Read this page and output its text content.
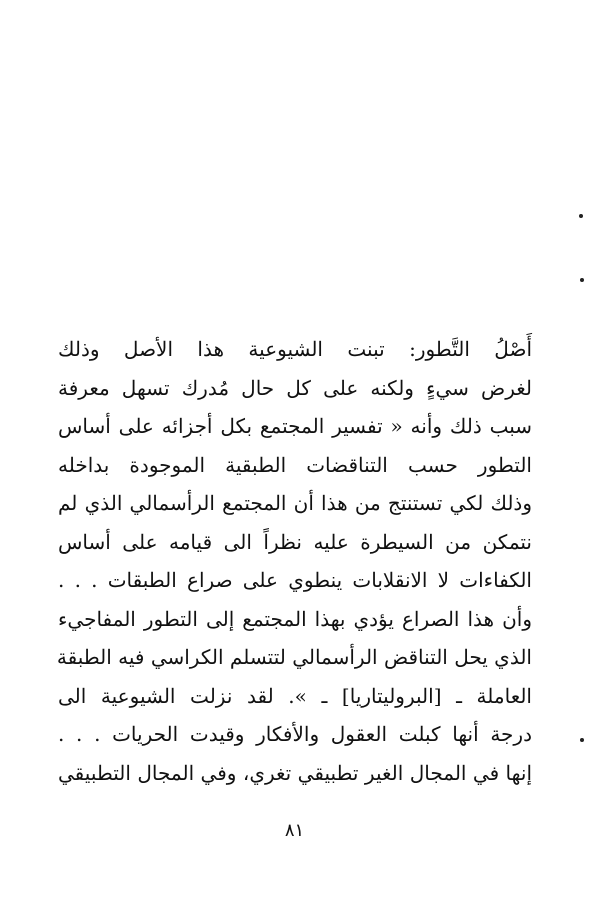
أَصْلُ التَّطور: تبنت الشيوعية هذا الأصل وذلك
لغرض سيءٍ ولكنه على كل حال مُدرك تسهل معرفة
سبب ذلك وأنه « تفسير المجتمع بكل أجزائه على أساس
التطور حسب التناقضات الطبقية الموجودة بداخله
وذلك لكي تستنتج من هذا أن المجتمع الرأسمالي الذي لم
نتمكن من السيطرة عليه نظراً الى قيامه على أساس
الكفاءات لا الانقلابات ينطوي على صراع الطبقات . . .
وأن هذا الصراع يؤدي بهذا المجتمع إلى التطور المفاجيء
الذي يحل التناقض الرأسمالي لتتسلم الكراسي فيه الطبقة
العاملة ـ [البروليتاريا] ـ ». لقد نزلت الشيوعية الى
درجة أنها كبلت العقول والأفكار وقيدت الحريات . . .
إنها في المجال الغير تطبيقي تغري، وفي المجال التطبيقي
٨١
